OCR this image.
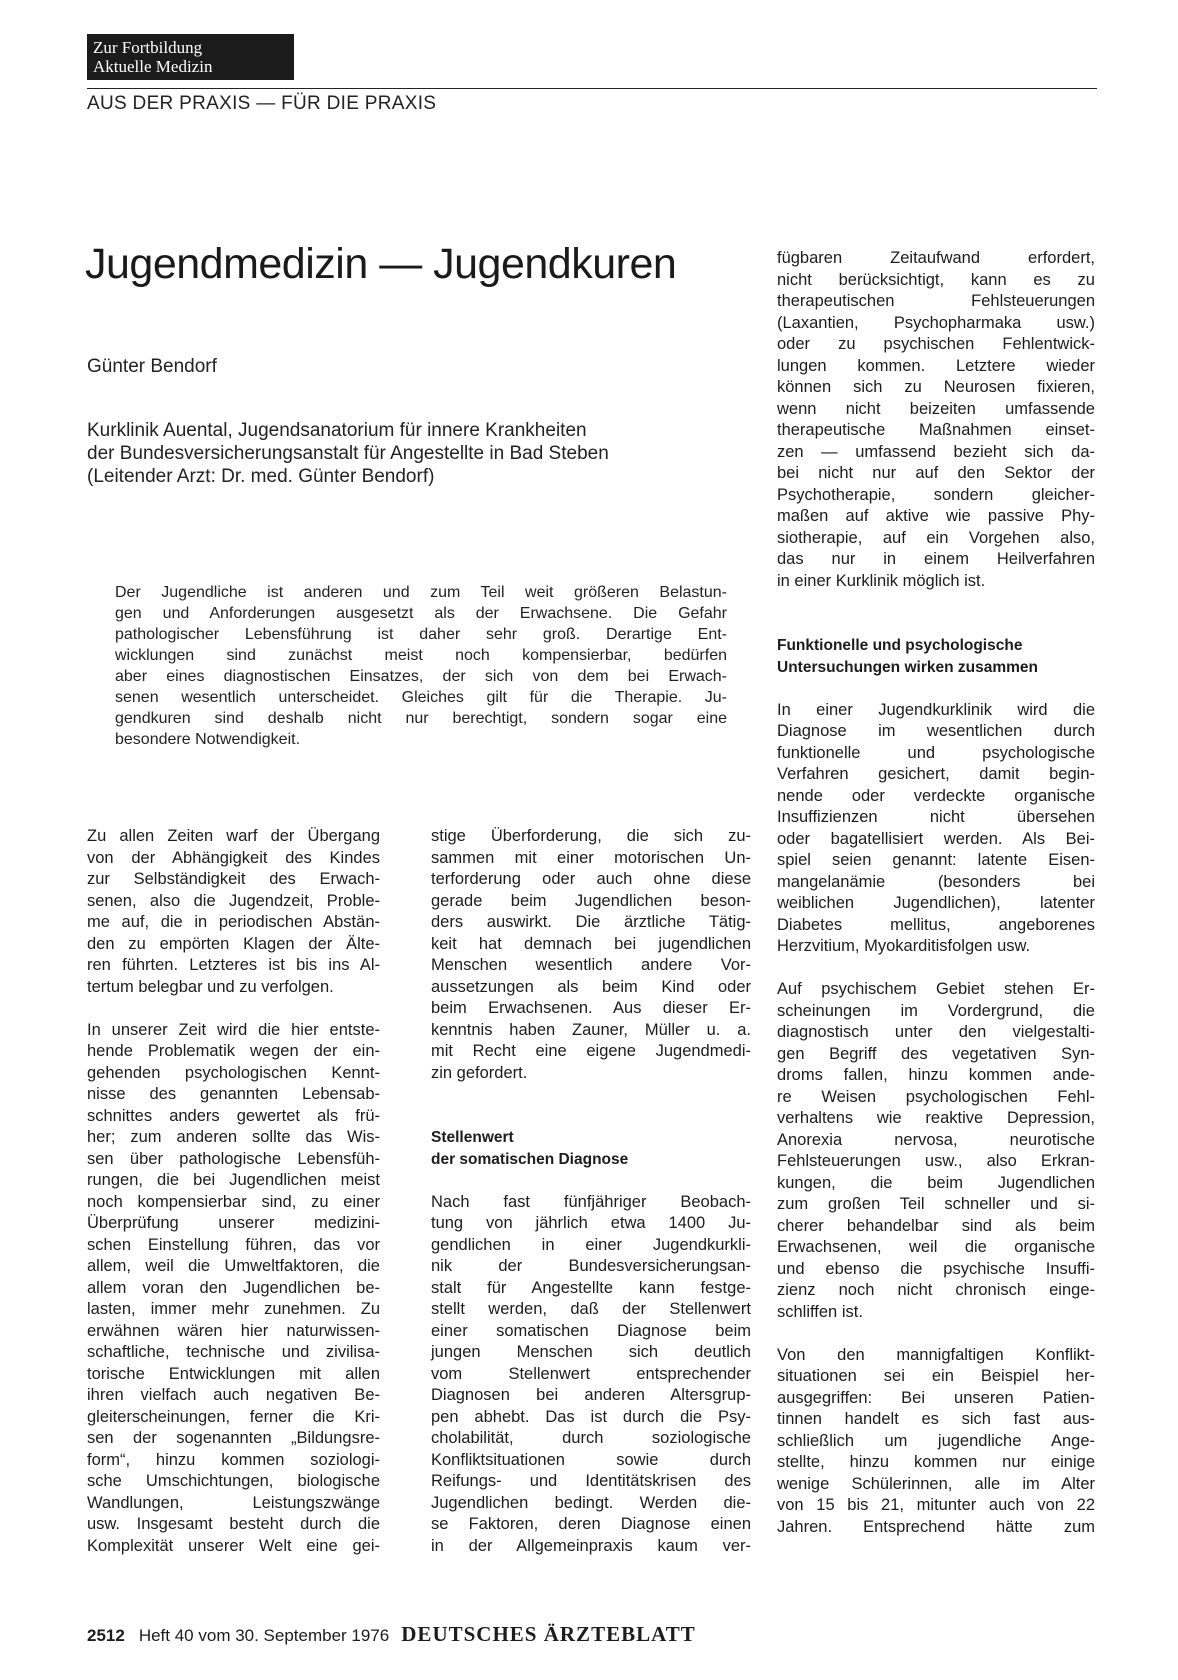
Zur Fortbildung
Aktuelle Medizin
AUS DER PRAXIS — FÜR DIE PRAXIS
Jugendmedizin — Jugendkuren
Günter Bendorf
Kurklinik Auental, Jugendsanatorium für innere Krankheiten
der Bundesversicherungsanstalt für Angestellte in Bad Steben
(Leitender Arzt: Dr. med. Günter Bendorf)
Der Jugendliche ist anderen und zum Teil weit größeren Belastun-
gen und Anforderungen ausgesetzt als der Erwachsene. Die Gefahr
pathologischer Lebensführung ist daher sehr groß. Derartige Ent-
wicklungen sind zunächst meist noch kompensierbar, bedürfen
aber eines diagnostischen Einsatzes, der sich von dem bei Erwach-
senen wesentlich unterscheidet. Gleiches gilt für die Therapie. Ju-
gendkuren sind deshalb nicht nur berechtigt, sondern sogar eine
besondere Notwendigkeit.
Zu allen Zeiten warf der Übergang
von der Abhängigkeit des Kindes
zur Selbständigkeit des Erwach-
senen, also die Jugendzeit, Proble-
me auf, die in periodischen Abstän-
den zu empörten Klagen der Älte-
ren führten. Letzteres ist bis ins Al-
tertum belegbar und zu verfolgen.
In unserer Zeit wird die hier entste-
hende Problematik wegen der ein-
gehenden psychologischen Kennt-
nisse des genannten Lebensab-
schnittes anders gewertet als frü-
her; zum anderen sollte das Wis-
sen über pathologische Lebensfüh-
rungen, die bei Jugendlichen meist
noch kompensierbar sind, zu einer
Überprüfung unserer medizini-
schen Einstellung führen, das vor
allem, weil die Umweltfaktoren, die
allem voran den Jugendlichen be-
lasten, immer mehr zunehmen. Zu
erwähnen wären hier naturwissen-
schaftliche, technische und zivilisa-
torische Entwicklungen mit allen
ihren vielfach auch negativen Be-
gleiterscheinungen, ferner die Kri-
sen der sogenannten „Bildungsre-
form“, hinzu kommen soziologi-
sche Umschichtungen, biologische
Wandlungen, Leistungszwänge
usw. Insgesamt besteht durch die
Komplexität unserer Welt eine gei-
stige Überforderung, die sich zu-
sammen mit einer motorischen Un-
terforderung oder auch ohne diese
gerade beim Jugendlichen beson-
ders auswirkt. Die ärztliche Tätig-
keit hat demnach bei jugendlichen
Menschen wesentlich andere Vor-
aussetzungen als beim Kind oder
beim Erwachsenen. Aus dieser Er-
kenntnis haben Zauner, Müller u. a.
mit Recht eine eigene Jugendmedi-
zin gefordert.
Stellenwert
der somatischen Diagnose
Nach fast fünfjähriger Beobach-
tung von jährlich etwa 1400 Ju-
gendlichen in einer Jugendkurkli-
nik der Bundesversicherungsan-
stalt für Angestellte kann festge-
stellt werden, daß der Stellenwert
einer somatischen Diagnose beim
jungen Menschen sich deutlich
vom Stellenwert entsprechender
Diagnosen bei anderen Altersgrup-
pen abhebt. Das ist durch die Psy-
cholabilität, durch soziologische
Konfliktsituationen sowie durch
Reifungs- und Identitätskrisen des
Jugendlichen bedingt. Werden die-
se Faktoren, deren Diagnose einen
in der Allgemeinpraxis kaum ver-
fügbaren Zeitaufwand erfordert,
nicht berücksichtigt, kann es zu
therapeutischen Fehlsteuerungen
(Laxantien, Psychopharmaka usw.)
oder zu psychischen Fehlentwick-
lungen kommen. Letztere wieder
können sich zu Neurosen fixieren,
wenn nicht beizeiten umfassende
therapeutische Maßnahmen einset-
zen — umfassend bezieht sich da-
bei nicht nur auf den Sektor der
Psychotherapie, sondern gleicher-
maßen auf aktive wie passive Phy-
siotherapie, auf ein Vorgehen also,
das nur in einem Heilverfahren
in einer Kurklinik möglich ist.
Funktionelle und psychologische
Untersuchungen wirken zusammen
In einer Jugendkurklinik wird die
Diagnose im wesentlichen durch
funktionelle und psychologische
Verfahren gesichert, damit begin-
nende oder verdeckte organische
Insuffizienzen nicht übersehen
oder bagatellisiert werden. Als Bei-
spiel seien genannt: latente Eisen-
mangelanämie (besonders bei
weiblichen Jugendlichen), latenter
Diabetes mellitus, angeborenes
Herzvitium, Myokarditisfolgen usw.
Auf psychischem Gebiet stehen Er-
scheinungen im Vordergrund, die
diagnostisch unter den vielgestalti-
gen Begriff des vegetativen Syn-
droms fallen, hinzu kommen ande-
re Weisen psychologischen Fehl-
verhaltens wie reaktive Depression,
Anorexia nervosa, neurotische
Fehlsteuerungen usw., also Erkran-
kungen, die beim Jugendlichen
zum großen Teil schneller und si-
cherer behandelbar sind als beim
Erwachsenen, weil die organische
und ebenso die psychische Insuffi-
zienz noch nicht chronisch einge-
schliffen ist.
Von den mannigfaltigen Konflikt-
situationen sei ein Beispiel her-
ausgegriffen: Bei unseren Patien-
tinnen handelt es sich fast aus-
schließlich um jugendliche Ange-
stellte, hinzu kommen nur einige
wenige Schülerinnen, alle im Alter
von 15 bis 21, mitunter auch von 22
Jahren. Entsprechend hätte zum
2512 Heft 40 vom 30. September 1976 DEUTSCHES ÄRZTEBLATT
